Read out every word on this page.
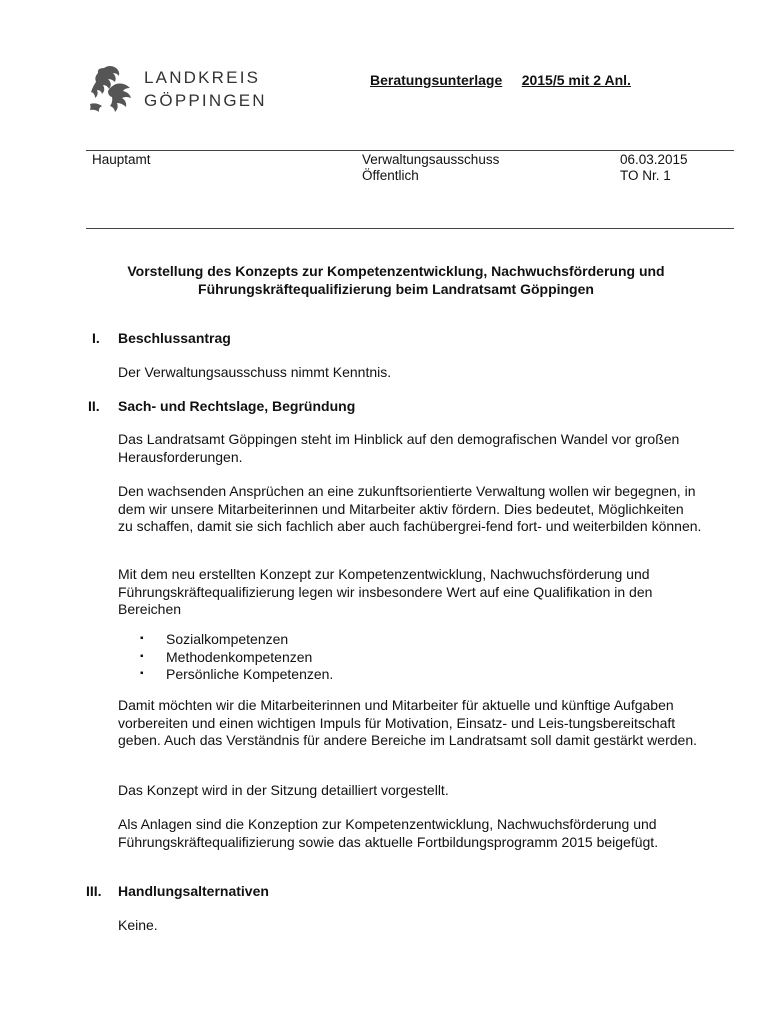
LANDKREIS
GÖPPINGEN
Beratungsunterlage 2015/5 mit 2 Anl.
Hauptamt	Verwaltungsausschuss
Öffentlich
06.03.2015
TO Nr. 1
Vorstellung des Konzepts zur Kompetenzentwicklung, Nachwuchsförderung und
Führungskräftequalifizierung beim Landratsamt Göppingen
I. Beschlussantrag
Der Verwaltungsausschuss nimmt Kenntnis.
II. Sach- und Rechtslage, Begründung
Das Landratsamt Göppingen steht im Hinblick auf den demografischen Wandel vor großen Herausforderungen.
Den wachsenden Ansprüchen an eine zukunftsorientierte Verwaltung wollen wir begegnen, in dem wir unsere Mitarbeiterinnen und Mitarbeiter aktiv fördern. Dies bedeutet, Möglichkeiten zu schaffen, damit sie sich fachlich aber auch fachübergrei-fend fort- und weiterbilden können.
Mit dem neu erstellten Konzept zur Kompetenzentwicklung, Nachwuchsförderung und Führungskräftequalifizierung legen wir insbesondere Wert auf eine Qualifikation in den Bereichen
▪ Sozialkompetenzen
▪ Methodenkompetenzen
▪ Persönliche Kompetenzen.
Damit möchten wir die Mitarbeiterinnen und Mitarbeiter für aktuelle und künftige Aufgaben vorbereiten und einen wichtigen Impuls für Motivation, Einsatz- und Leis-tungsbereitschaft geben. Auch das Verständnis für andere Bereiche im Landratsamt soll damit gestärkt werden.
Das Konzept wird in der Sitzung detailliert vorgestellt.
Als Anlagen sind die Konzeption zur Kompetenzentwicklung, Nachwuchsförderung und Führungskräftequalifizierung sowie das aktuelle Fortbildungsprogramm 2015 beigefügt.
III. Handlungsalternativen
Keine.
